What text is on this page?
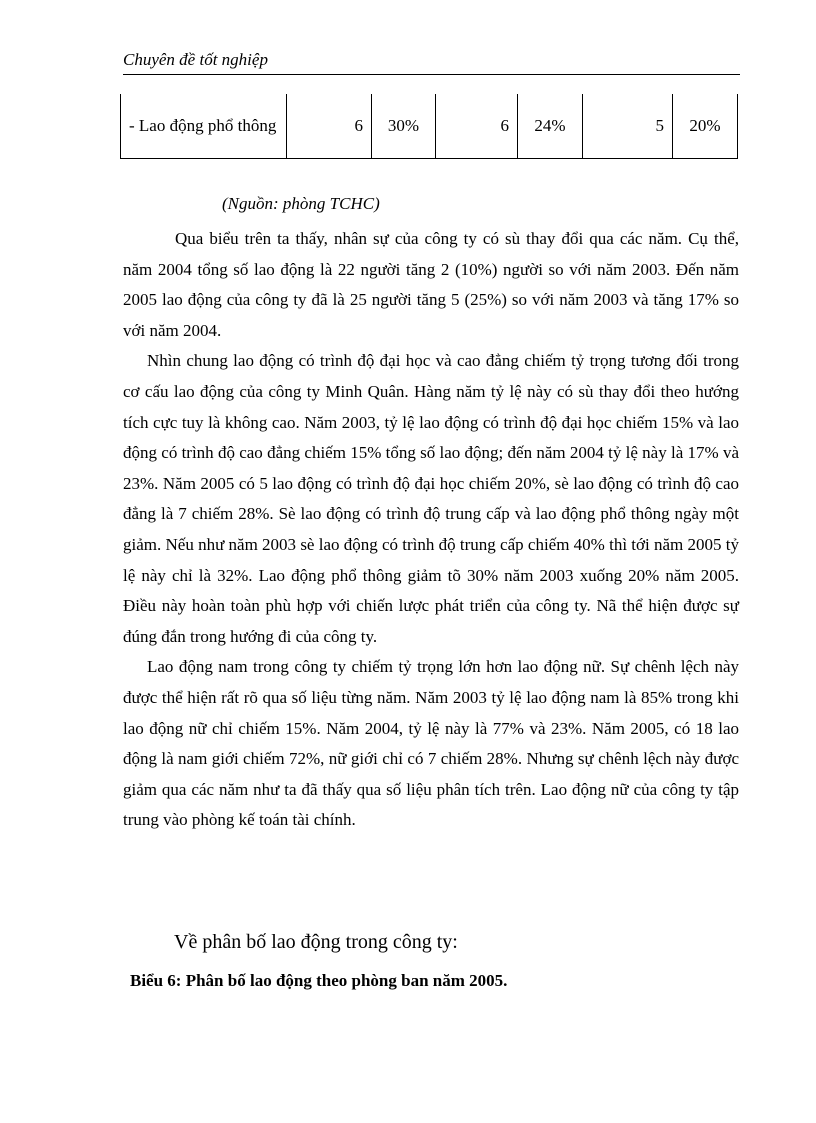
Chuyên đề tốt nghiệp
- Lao động phổ thông	6	30%	6	24%	5	20%
(Nguồn: phòng TCHC)

Qua biểu trên ta thấy, nhân sự của công ty có sù thay đổi qua các năm. Cụ thể, năm 2004 tổng số lao động là 22 người tăng 2 (10%) người so với năm 2003. Đến năm 2005 lao động của công ty đã là 25 người tăng 5 (25%) so với năm 2003 và tăng 17% so với năm 2004.

Nhìn chung lao động có trình độ đại học và cao đẳng chiếm tỷ trọng tương đối trong cơ cấu lao động của công ty Minh Quân. Hàng năm tỷ lệ này có sù thay đổi theo hướng tích cực tuy là không cao. Năm 2003, tỷ lệ lao động có trình độ đại học chiếm 15% và lao động có trình độ cao đẳng chiếm 15% tổng số lao động; đến năm 2004 tỷ lệ này là 17% và 23%. Năm 2005 có 5 lao động có trình độ đại học chiếm 20%, sè lao động có trình độ cao đẳng là 7 chiếm 28%. Sè lao động có trình độ trung cấp và lao động phổ thông ngày một giảm. Nếu như năm 2003 sè lao động có trình độ trung cấp chiếm 40% thì tới năm 2005 tỷ lệ này chỉ là 32%. Lao động phổ thông giảm tõ 30% năm 2003 xuống 20% năm 2005. Điều này hoàn toàn phù hợp với chiến lược phát triển của công ty. Nã thể hiện được sự đúng đắn trong hướng đi của công ty.

Lao động nam trong công ty chiếm tỷ trọng lớn hơn lao động nữ. Sự chênh lệch này được thể hiện rất rõ qua số liệu từng năm. Năm 2003 tỷ lệ lao động nam là 85% trong khi lao động nữ chỉ chiếm 15%. Năm 2004, tỷ lệ này là 77% và 23%. Năm 2005, có 18 lao động là nam giới chiếm 72%, nữ giới chỉ có 7 chiếm 28%. Nhưng sự chênh lệch này được giảm qua các năm như ta đã thấy qua số liệu phân tích trên. Lao động nữ của công ty tập trung vào phòng kế toán tài chính.

Về phân bố lao động trong công ty:
Biểu 6: Phân bố lao động theo phòng ban năm 2005.
